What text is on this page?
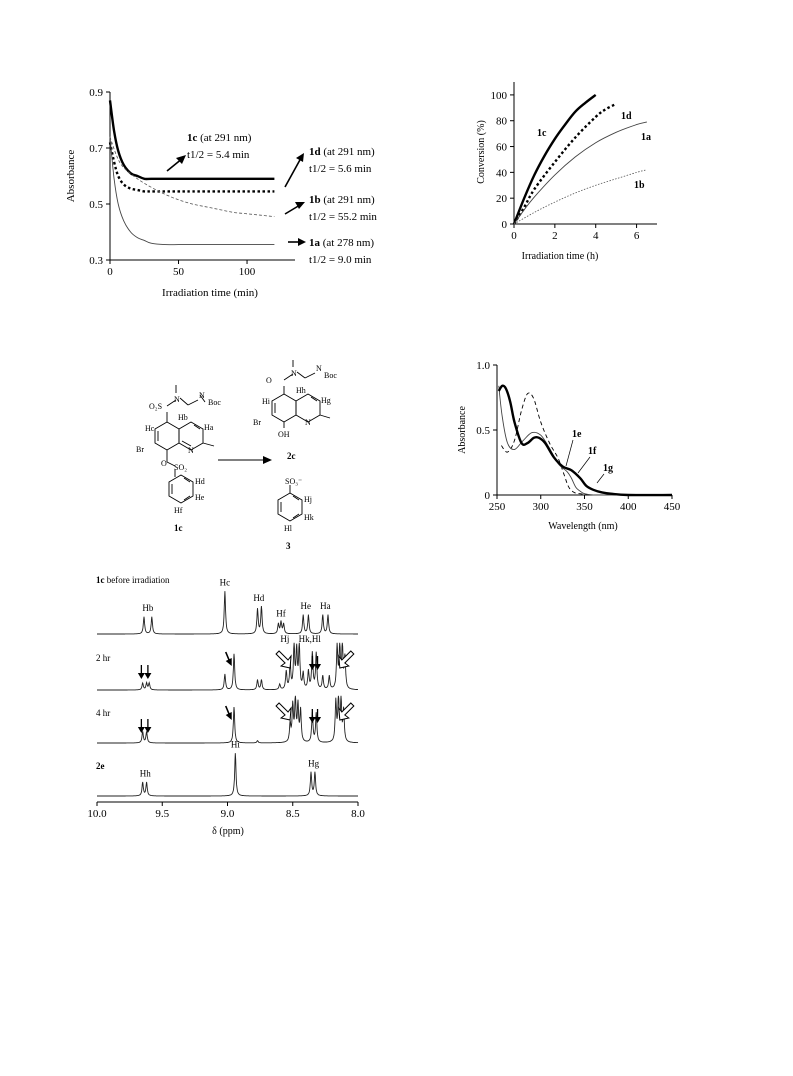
0	50	100
0.3
0.5
0.7
0.9
Irradiation time (min)
Absorbance
1c (at 291 nm)
t1/2 = 5.4 min	1d (at 291 nm)
t1/2 = 5.6 min
1b (at 291 nm)
t1/2 = 55.2 min
1a (at 278 nm)
t1/2 = 9.0 min
0	2	4	6
0
20
40
60
80
100
Irradiation time (h)
Conversion (%)	1c
1d
1a
1b
O₂S
N N
Boc
Hb
Hc	Ha
Br	N
O SO₂
Hd
He
Hf
1c
O
N
N
Boc
Hh
Hi	Hg
Br	N
OH
2c
SO₃⁻
Hj
Hk
Hl
3
250 300 350 400 450
0
0.5
1.0
Wavelength (nm)
Absorbance	1e
1f
1g
10.0	9.5	9.0	8.5	8.0
Hb
Hc
Hd
Hf
He Ha
Hj Hk,Hl
Hh
Hi
Hg
δ (ppm)
1c before irradiation
2 hr
4 hr
2e
